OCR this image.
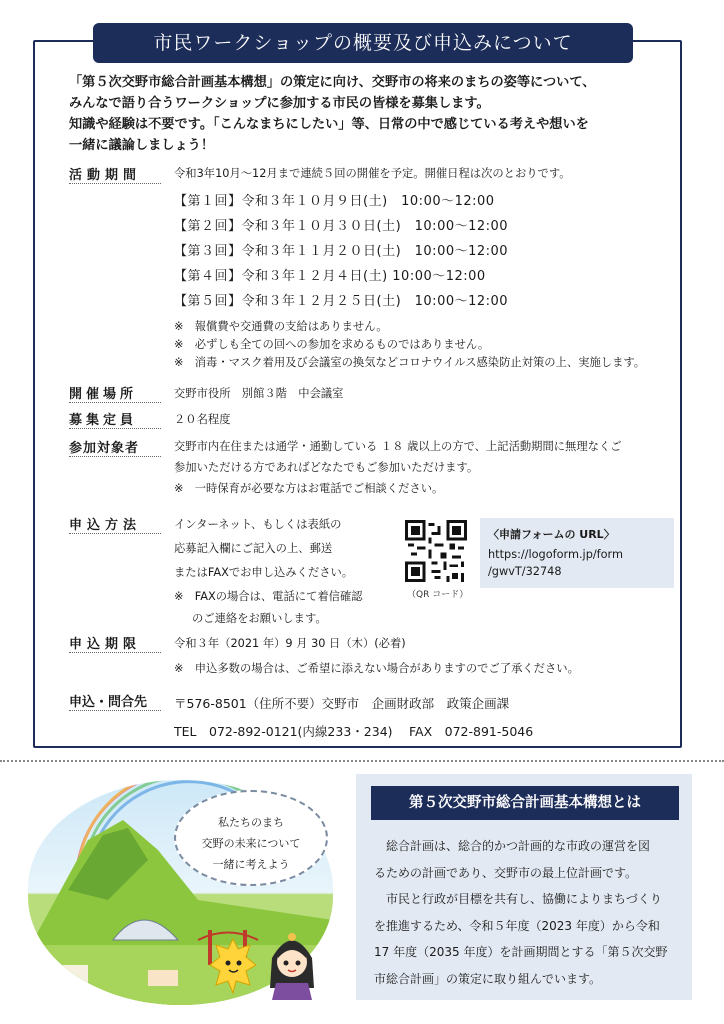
市民ワークショップの概要及び申込みについて
「第５次交野市総合計画基本構想」の策定に向け、交野市の将来のまちの姿等について、
みんなで語り合うワークショップに参加する市民の皆様を募集します。
知識や経験は不要です。「こんなまちにしたい」等、日常の中で感じている考えや想いを
一緒に議論しましょう！
活動期間	令和3年10月～12月まで連続５回の開催を予定。開催日程は次のとおりです。
【第１回】令和３年１０月９日(土)　10:00～12:00
【第２回】令和３年１０月３０日(土)　10:00～12:00
【第３回】令和３年１１月２０日(土)　10:00～12:00
【第４回】令和３年１２月４日(土) 10:00～12:00
【第５回】令和３年１２月２５日(土)　10:00～12:00
※　報償費や交通費の支給はありません。
※　必ずしも全ての回への参加を求めるものではありません。
※　消毒・マスク着用及び会議室の換気などコロナウイルス感染防止対策の上、実施します。
開催場所	交野市役所　別館３階　中会議室
募集定員	２０名程度
参加対象者	交野市内在住または通学・通勤している １８ 歳以上の方で、上記活動期間に無理なくご
参加いただける方であればどなたでもご参加いただけます。
※　一時保育が必要な方はお電話でご相談ください。
申込方法	インターネット、もしくは表紙の
応募記入欄にご記入の上、郵送
またはFAXでお申し込みください。
※　FAXの場合は、電話にて着信確認
のご連絡をお願いします。
（QR コード）
〈申請フォームの URL〉
https://logoform.jp/form
/gwvT/32748
申込期限	令和３年（2021 年）9 月 30 日（木）(必着)
※　申込多数の場合は、ご希望に添えない場合がありますのでご了承ください。
申込・問合先 〒576-8501（住所不要）交野市　企画財政部　政策企画課
TEL　072-892-0121(内線233・234)　 FAX　072-891-5046
私たちのまち
交野の未来について
一緒に考えよう
第５次交野市総合計画基本構想とは
　総合計画は、総合的かつ計画的な市政の運営を図
るための計画であり、交野市の最上位計画です。
　市民と行政が目標を共有し、協働によりまちづくり
を推進するため、令和５年度（2023 年度）から令和
17 年度（2035 年度）を計画期間とする「第５次交野
市総合計画」の策定に取り組んでいます。
